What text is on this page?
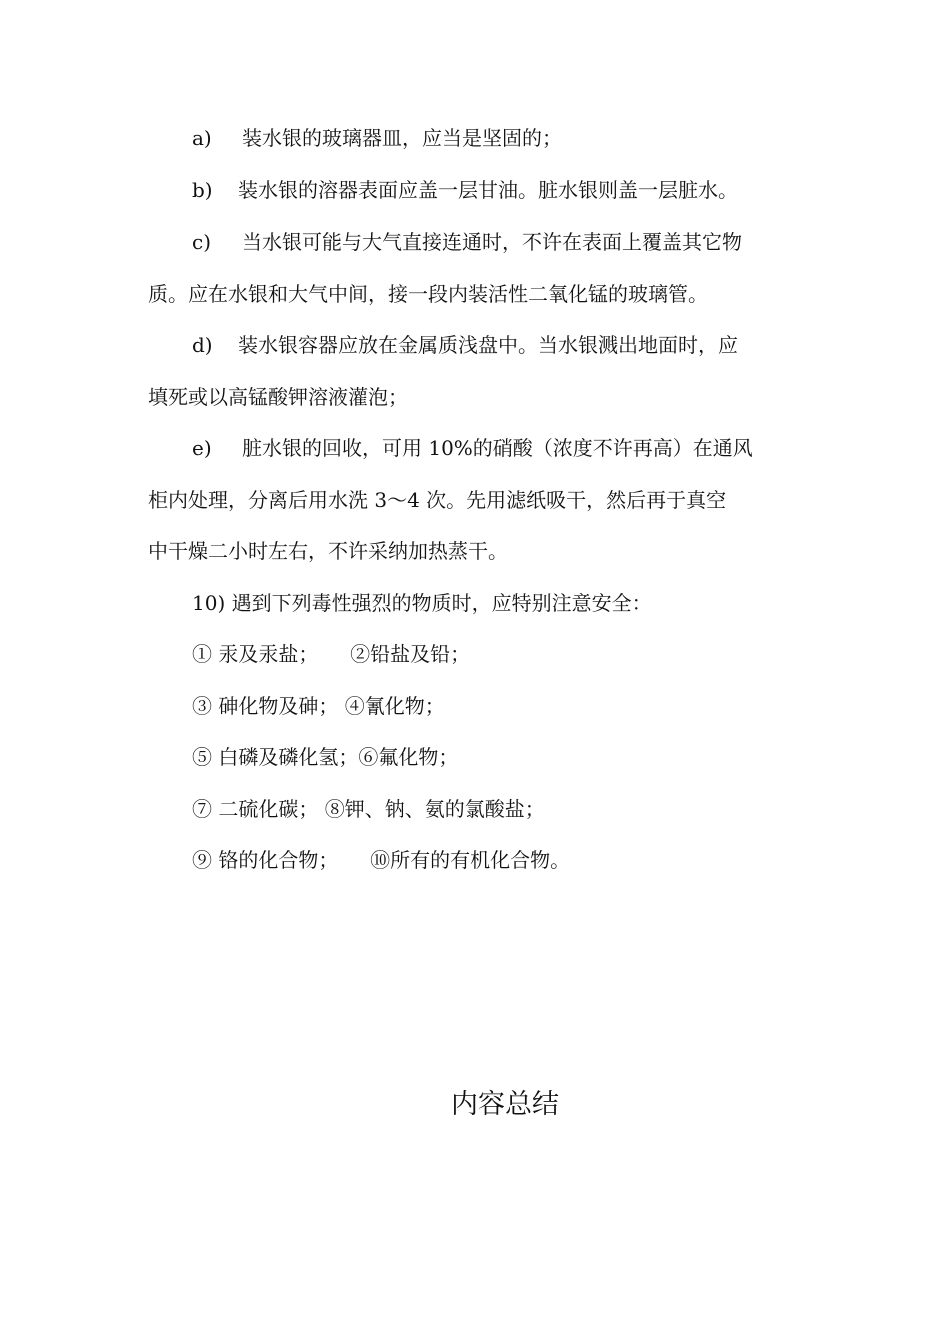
a) 装水银的玻璃器皿，应当是坚固的；
b) 装水银的溶器表面应盖一层甘油。脏水银则盖一层脏水。
c) 当水银可能与大气直接连通时，不许在表面上覆盖其它物
质。应在水银和大气中间，接一段内装活性二氧化锰的玻璃管。
d) 装水银容器应放在金属质浅盘中。当水银溅出地面时，应
填死或以高锰酸钾溶液灌泡；
e) 脏水银的回收，可用 10%的硝酸（浓度不许再高）在通风
柜内处理，分离后用水洗 3～4 次。先用滤纸吸干，然后再于真空
中干燥二小时左右，不许采纳加热蒸干。
10) 遇到下列毒性强烈的物质时，应特别注意安全：
① 汞及汞盐；     ②铅盐及铅；
③ 砷化物及砷； ④氰化物；
⑤ 白磷及磷化氢；⑥氟化物；
⑦ 二硫化碳； ⑧钾、钠、氨的氯酸盐；
⑨ 铬的化合物；     ⑩所有的有机化合物。
内容总结
